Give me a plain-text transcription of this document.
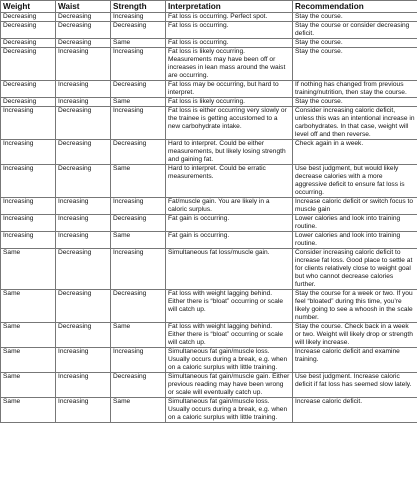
Weight	Waist	Strength	Interpretation	Recommendation
Decreasing	Decreasing	Increasing	Fat loss is occurring. Perfect spot.	Stay the course.
Decreasing	Decreasing	Decreasing	Fat loss is occurring.	Stay the course or consider decreasing deficit.
Decreasing	Decreasing	Same	Fat loss is occurring.	Stay the course.
Decreasing	Increasing	Increasing	Fat loss is likely occurring. Measurements may have been off or increases in lean mass around the waist are occurring.	Stay the course.
Decreasing	Increasing	Decreasing	Fat loss may be occurring, but hard to interpret.	If nothing has changed from previous training/nutrition, then stay the course.
Decreasing	Increasing	Same	Fat loss is likely occurring.	Stay the course.
Increasing	Decreasing	Increasing	Fat loss is either occurring very slowly or the trainee is getting accustomed to a new carbohydrate intake.	Consider increasing caloric deficit, unless this was an intentional increase in carbohydrates. In that case, weight will level off and then reverse.
Increasing	Decreasing	Decreasing	Hard to interpret. Could be either measurements, but likely losing strength and gaining fat.	Check again in a week.
Increasing	Decreasing	Same	Hard to interpret. Could be erratic measurements.	Use best judgment, but would likely decrease calories with a more aggressive deficit to ensure fat loss is occurring.
Increasing	Increasing	Increasing	Fat/muscle gain. You are likely in a caloric surplus.	Increase caloric deficit or switch focus to muscle gain
Increasing	Increasing	Decreasing	Fat gain is occurring.	Lower calories and look into training routine.
Increasing	Increasing	Same	Fat gain is occurring.	Lower calories and look into training routine.
Same	Decreasing	Increasing	Simultaneous fat loss/muscle gain.	Consider increasing caloric deficit to increase fat loss. Good place to settle at for clients relatively close to weight goal but who cannot decrease calories further.
Same	Decreasing	Decreasing	Fat loss with weight lagging behind. Either there is “bloat” occurring or scale will catch up.	Stay the course for a week or two. If you feel “bloated” during this time, you’re likely going to see a whoosh in the scale number.
Same	Decreasing	Same	Fat loss with weight lagging behind. Either there is “bloat” occurring or scale will catch up.	Stay the course. Check back in a week or two. Weight will likely drop or strength will likely increase.
Same	Increasing	Increasing	Simultaneous fat gain/muscle loss. Usually occurs during a break, e.g. when on a caloric surplus with little training.	Increase caloric deficit and examine training.
Same	Increasing	Decreasing	Simultaneous fat gain/muscle gain. Either previous reading may have been wrong or scale will eventually catch up.	Use best judgment. Increase caloric deficit if fat loss has seemed slow lately.
Same	Increasing	Same	Simultaneous fat gain/muscle loss. Usually occurs during a break, e.g. when on a caloric surplus with little training.	Increase caloric deficit.
